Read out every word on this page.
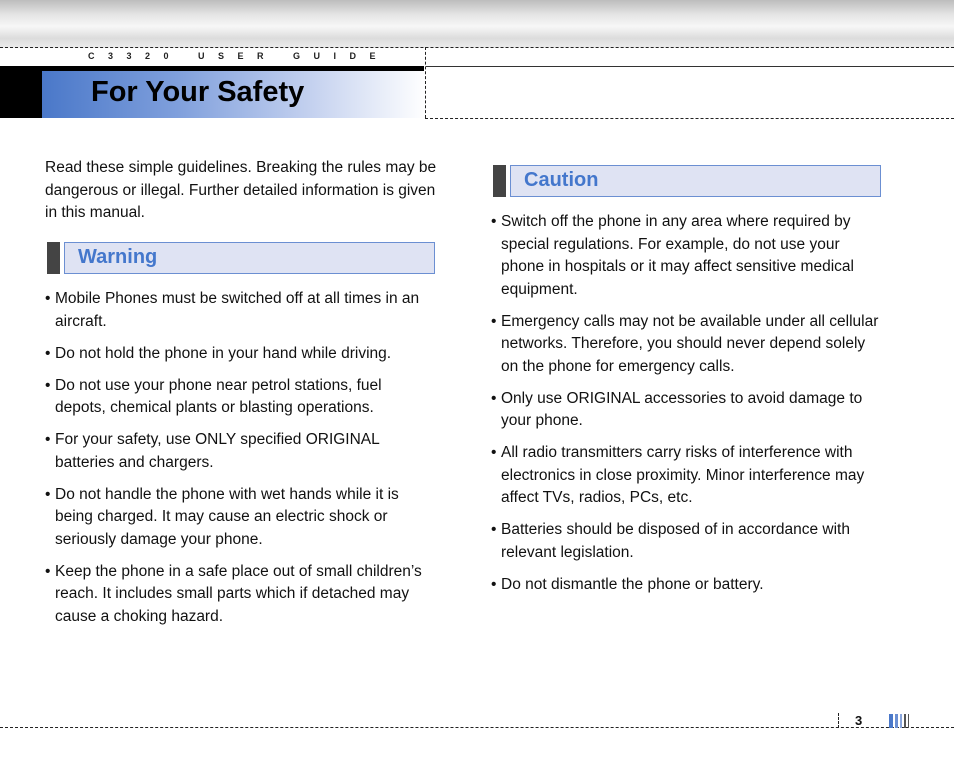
C3320 USER GUIDE
For Your Safety

Read these simple guidelines. Breaking the rules may be dangerous or illegal. Further detailed information is given in this manual.

Warning
• Mobile Phones must be switched off at all times in an aircraft.
• Do not hold the phone in your hand while driving.
• Do not use your phone near petrol stations, fuel depots, chemical plants or blasting operations.
• For your safety, use ONLY specified ORIGINAL batteries and chargers.
• Do not handle the phone with wet hands while it is being charged. It may cause an electric shock or seriously damage your phone.
• Keep the phone in a safe place out of small children’s reach. It includes small parts which if detached may cause a choking hazard.
Caution
• Switch off the phone in any area where required by special regulations. For example, do not use your phone in hospitals or it may affect sensitive medical equipment.
• Emergency calls may not be available under all cellular networks. Therefore, you should never depend solely on the phone for emergency calls.
• Only use ORIGINAL accessories to avoid damage to your phone.
• All radio transmitters carry risks of interference with electronics in close proximity. Minor interference may affect TVs, radios, PCs, etc.
• Batteries should be disposed of in accordance with relevant legislation.
• Do not dismantle the phone or battery.
3
